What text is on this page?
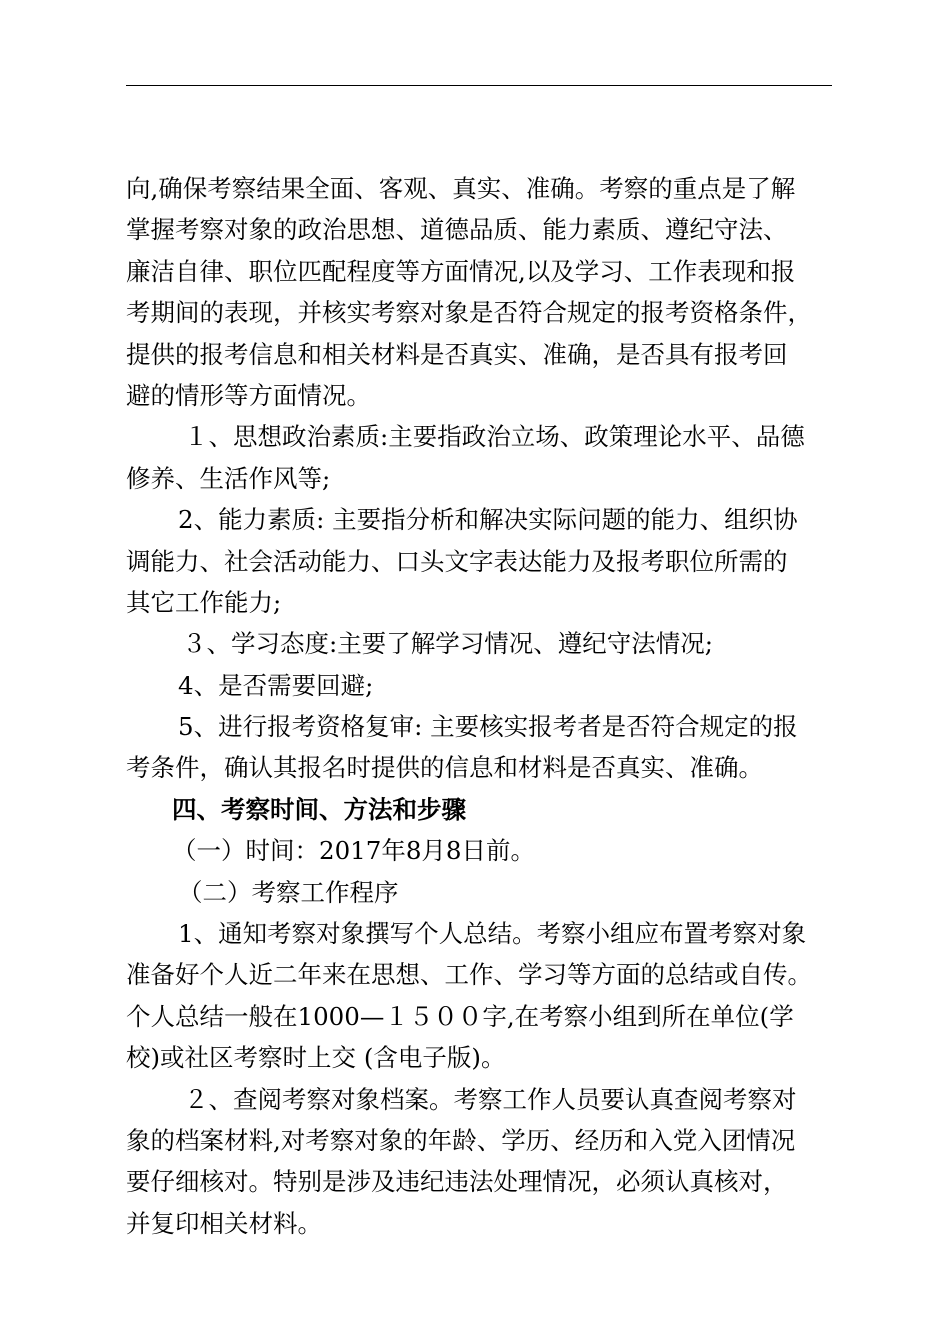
向,确保考察结果全面、客观、真实、准确。考察的重点是了解
掌握考察对象的政治思想、道德品质、能力素质、遵纪守法、
廉洁自律、职位匹配程度等方面情况,以及学习、工作表现和报
考期间的表现，并核实考察对象是否符合规定的报考资格条件，
提供的报考信息和相关材料是否真实、准确，是否具有报考回
避的情形等方面情况。
１、思想政治素质:主要指政治立场、政策理论水平、品德
修养、生活作风等;
2、能力素质: 主要指分析和解决实际问题的能力、组织协
调能力、社会活动能力、口头文字表达能力及报考职位所需的
其它工作能力;
３、学习态度:主要了解学习情况、遵纪守法情况;
4、是否需要回避;
5、进行报考资格复审: 主要核实报考者是否符合规定的报
考条件，确认其报名时提供的信息和材料是否真实、准确。
四、考察时间、方法和步骤
（一）时间：2017年8月8日前。
（二）考察工作程序
1、通知考察对象撰写个人总结。考察小组应布置考察对象
准备好个人近二年来在思想、工作、学习等方面的总结或自传。
个人总结一般在1000—１５００字,在考察小组到所在单位(学
校)或社区考察时上交 (含电子版)。
２、查阅考察对象档案。考察工作人员要认真查阅考察对
象的档案材料,对考察对象的年龄、学历、经历和入党入团情况
要仔细核对。特别是涉及违纪违法处理情况，必须认真核对，
并复印相关材料。
